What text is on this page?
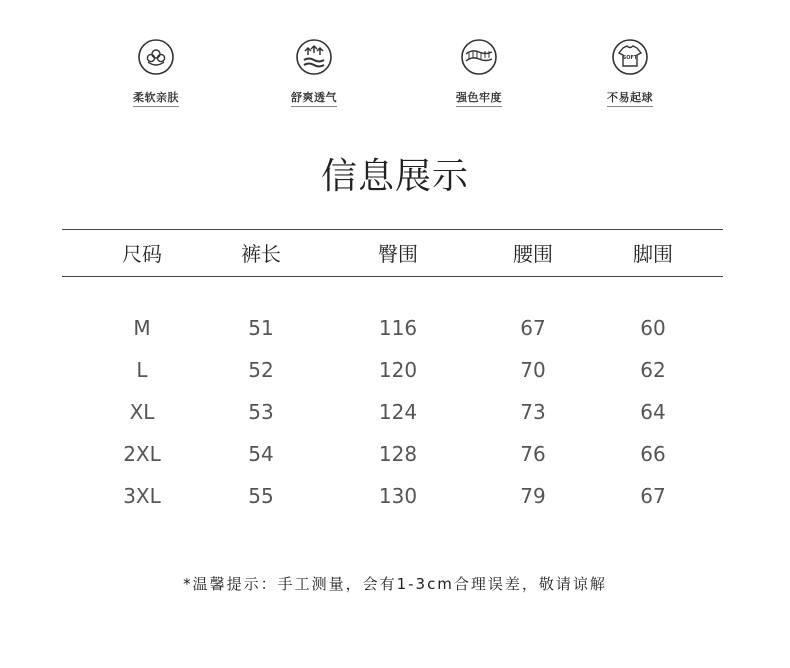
柔软亲肤	舒爽透气	强色牢度
SOFT
不易起球
信息展示
尺码	裤长	臀围	腰围	脚围
M	51	116	67	60
L	52	120	70	62
XL	53	124	73	64
2XL	54	128	76	66
3XL	55	130	79	67
*温馨提示：手工测量，会有1-3cm合理误差，敬请谅解
